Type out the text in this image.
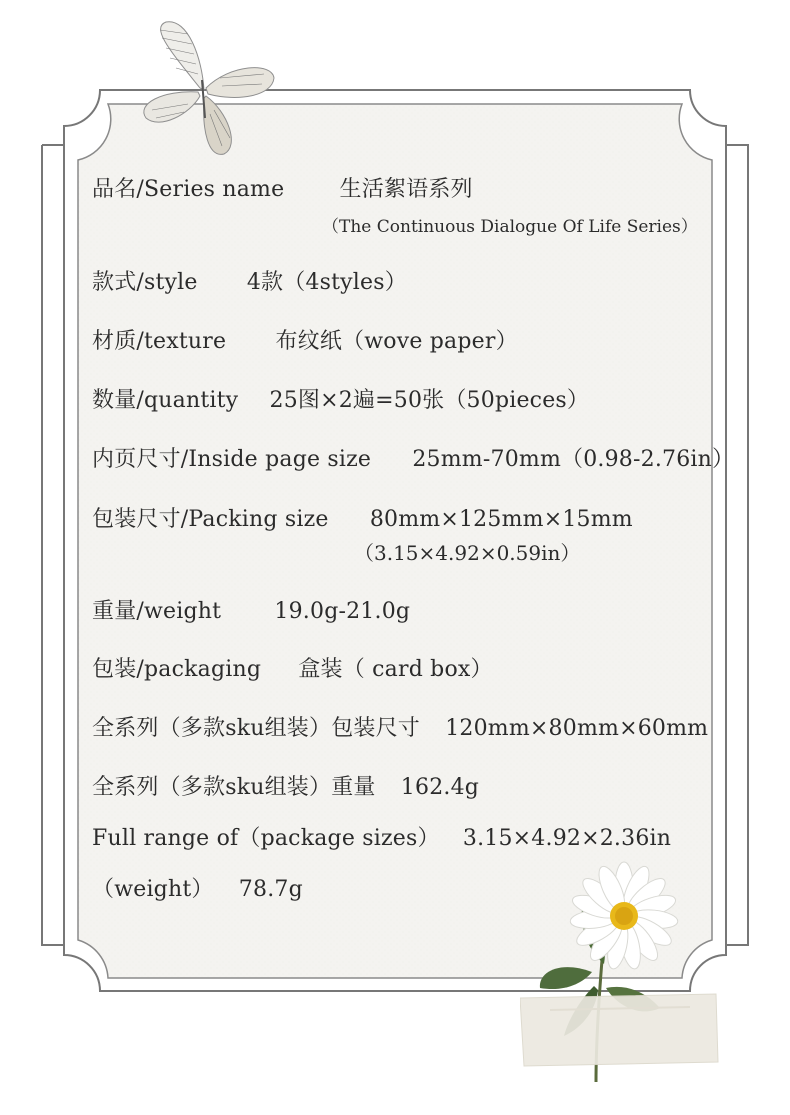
品名/Series name	生活絮语系列
（The Continuous Dialogue Of Life Series）
款式/style 4款（4styles）
材质/texture 布纹纸（wove paper）
数量/quantity 25图×2遍=50张（50pieces）
内页尺寸/Inside page size 25mm-70mm（0.98-2.76in）
包装尺寸/Packing size 80mm×125mm×15mm
（3.15×4.92×0.59in）
重量/weight 19.0g-21.0g
包装/packaging 盒装（ card box）
全系列（多款sku组装）包装尺寸 120mm×80mm×60mm
全系列（多款sku组装）重量 162.4g
Full range of（package sizes） 3.15×4.92×2.36in
（weight） 78.7g
